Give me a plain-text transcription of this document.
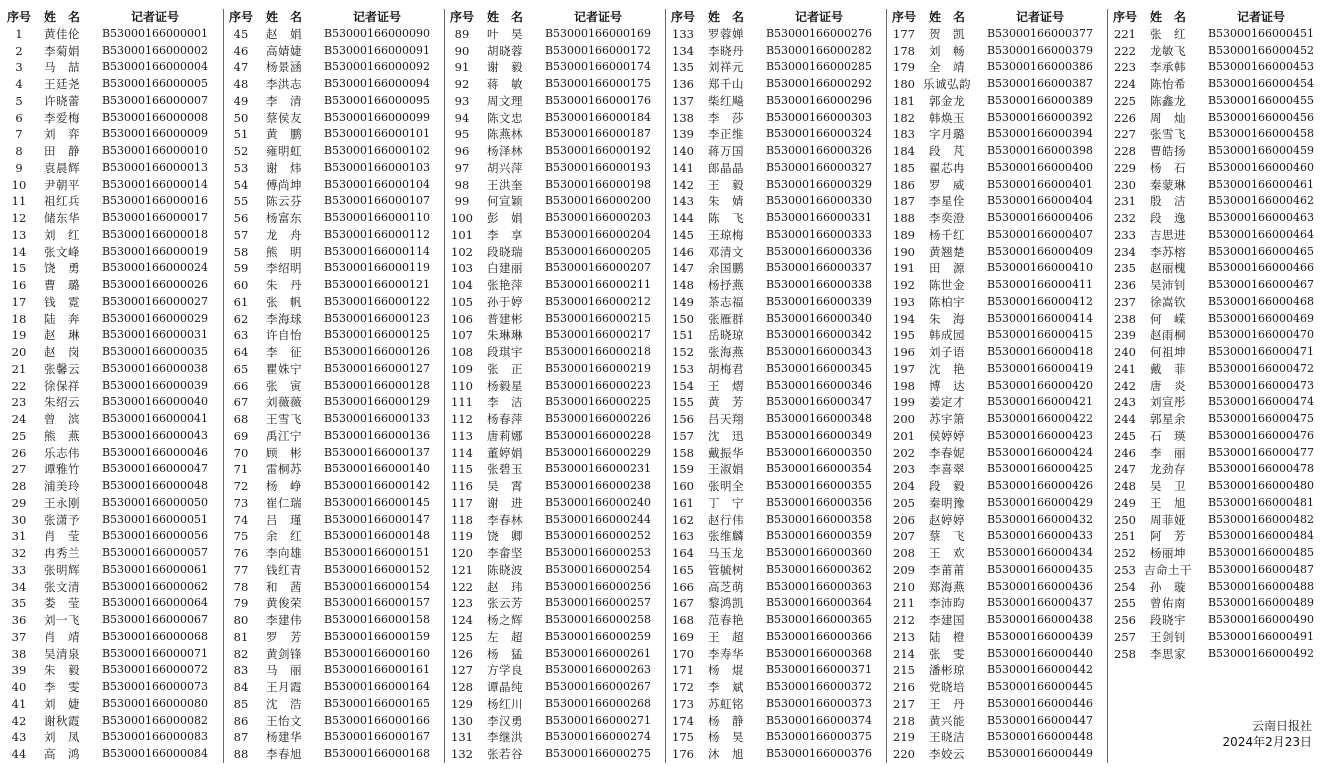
序号	姓　名	记者证号
1	黄佳伦	B53000166000001
2	李菊娟	B53000166000002
3	马　喆	B53000166000004
4	王廷尧	B53000166000005
5	许晓蕾	B53000166000007
6	李爱梅	B53000166000008
7	刘　弈	B53000166000009
8	田　静	B53000166000010
9	袁晨辉	B53000166000013
10	尹朝平	B53000166000014
11	祖红兵	B53000166000016
12	储东华	B53000166000017
13	刘　红	B53000166000018
14	张文峰	B53000166000019
15	饶　勇	B53000166000024
16	曹　璐	B53000166000026
17	钱　霓	B53000166000027
18	陆　奔	B53000166000029
19	赵　琳	B53000166000031
20	赵　岗	B53000166000035
21	张馨云	B53000166000038
22	徐保祥	B53000166000039
23	朱绍云	B53000166000040
24	曾　滨	B53000166000041
25	熊　燕	B53000166000043
26	乐志伟	B53000166000046
27	谭雅竹	B53000166000047
28	浦美玲	B53000166000048
29	王永刚	B53000166000050
30	张潇予	B53000166000051
31	肖　莹	B53000166000056
32	冉秀兰	B53000166000057
33	张明辉	B53000166000061
34	张文清	B53000166000062
35	娄　莹	B53000166000064
36	刘一飞	B53000166000067
37	肖　靖	B53000166000068
38	吴清泉	B53000166000071
39	朱　毅	B53000166000072
40	李　雯	B53000166000073
41	刘　婕	B53000166000080
42	谢秋霞	B53000166000082
43	刘　凤	B53000166000083
44	高　鸿	B53000166000084
序号	姓　名	记者证号
45	赵　娟	B53000166000090
46	高婧婕	B53000166000091
47	杨景涵	B53000166000092
48	李洪志	B53000166000094
49	李　清	B53000166000095
50	蔡侯友	B53000166000099
51	黄　鹏	B53000166000101
52	雍明虹	B53000166000102
53	谢　炜	B53000166000103
54	傅尚坤	B53000166000104
55	陈云芬	B53000166000107
56	杨富东	B53000166000110
57	龙　舟	B53000166000112
58	熊　明	B53000166000114
59	李绍明	B53000166000119
60	朱　丹	B53000166000121
61	张　帆	B53000166000122
62	李海球	B53000166000123
63	许自怡	B53000166000125
64	李　征	B53000166000126
65	瞿姝宁	B53000166000127
66	张　寅	B53000166000128
67	刘薇薇	B53000166000129
68	王雪飞	B53000166000133
69	禹江宁	B53000166000136
70	顾　彬	B53000166000137
71	雷桐苏	B53000166000140
72	杨　峥	B53000166000142
73	崔仁瑞	B53000166000145
74	吕　瑾	B53000166000147
75	余　红	B53000166000148
76	李向雄	B53000166000151
77	钱红青	B53000166000152
78	和　茜	B53000166000154
79	黄俊荣	B53000166000157
80	李建伟	B53000166000158
81	罗　芳	B53000166000159
82	黄剑锋	B53000166000160
83	马　丽	B53000166000161
84	王月霞	B53000166000164
85	沈　浩	B53000166000165
86	王怡文	B53000166000166
87	杨建华	B53000166000167
88	李春旭	B53000166000168
序号	姓　名	记者证号
89	叶　昊	B53000166000169
90	胡晓蓉	B53000166000172
91	谢　毅	B53000166000174
92	蒋　敏	B53000166000175
93	周文理	B53000166000176
94	陈文忠	B53000166000184
95	陈燕林	B53000166000187
96	杨泽林	B53000166000192
97	胡兴萍	B53000166000193
98	王洪奎	B53000166000198
99	何宣颖	B53000166000200
100	彭　娟	B53000166000203
101	李　享	B53000166000204
102	段晓瑞	B53000166000205
103	白建丽	B53000166000207
104	张艳萍	B53000166000211
105	孙于婷	B53000166000212
106	普建彬	B53000166000215
107	朱琳琳	B53000166000217
108	段琪宇	B53000166000218
109	张　正	B53000166000219
110	杨毅星	B53000166000223
111	李　洁	B53000166000225
112	杨春萍	B53000166000226
113	唐莉娜	B53000166000228
114	董婷娟	B53000166000229
115	张碧玉	B53000166000231
116	吴　霄	B53000166000238
117	谢　进	B53000166000240
118	李春林	B53000166000244
119	饶　卿	B53000166000252
120	李畲坚	B53000166000253
121	陈晓波	B53000166000254
122	赵　玮	B53000166000256
123	张云芳	B53000166000257
124	杨之辉	B53000166000258
125	左　超	B53000166000259
126	杨　猛	B53000166000261
127	方学良	B53000166000263
128	谭晶纯	B53000166000267
129	杨红川	B53000166000268
130	李汉勇	B53000166000271
131	李继洪	B53000166000274
132	张若谷	B53000166000275
序号	姓　名	记者证号
133	罗蓉婵	B53000166000276
134	李晓丹	B53000166000282
135	刘祥元	B53000166000285
136	郑千山	B53000166000292
137	柴红飚	B53000166000296
138	李　莎	B53000166000303
139	李正维	B53000166000324
140	蒋万国	B53000166000326
141	郎晶晶	B53000166000327
142	王　毅	B53000166000329
143	朱　婧	B53000166000330
144	陈　飞	B53000166000331
145	王琼梅	B53000166000333
146	邓清文	B53000166000336
147	余国鹏	B53000166000337
148	杨抒燕	B53000166000338
149	茶志福	B53000166000339
150	张雁群	B53000166000340
151	岳晓琼	B53000166000342
152	张海燕	B53000166000343
153	胡梅君	B53000166000345
154	王　熠	B53000166000346
155	黄　芳	B53000166000347
156	吕天翔	B53000166000348
157	沈　迅	B53000166000349
158	戴振华	B53000166000350
159	王淑娟	B53000166000354
160	张明全	B53000166000355
161	丁　宁	B53000166000356
162	赵行伟	B53000166000358
163	张维麟	B53000166000359
164	马玉龙	B53000166000360
165	管毓树	B53000166000362
166	高芝萌	B53000166000363
167	黎鸿凯	B53000166000364
168	范春艳	B53000166000365
169	王　超	B53000166000366
170	李寿华	B53000166000368
171	杨　焜	B53000166000371
172	李　斌	B53000166000372
173	苏虹铭	B53000166000373
174	杨　静	B53000166000374
175	杨　昊	B53000166000375
176	沐　旭	B53000166000376
序号	姓　名	记者证号
177	贺　凯	B53000166000377
178	刘　畅	B53000166000379
179	全　靖	B53000166000386
180 乐诚弘韵	B53000166000387
181	郭金龙	B53000166000389
182	韩焕玉	B53000166000392
183	字月璐	B53000166000394
184	段　芃	B53000166000398
185	翟芯冉	B53000166000400
186	罗　威	B53000166000401
187	李星佺	B53000166000404
188	李奕澄	B53000166000406
189	杨千红	B53000166000407
190	黄翘楚	B53000166000409
191	田　源	B53000166000410
192	陈世金	B53000166000411
193	陈柏宇	B53000166000412
194	朱　海	B53000166000414
195	韩成园	B53000166000415
196	刘子语	B53000166000418
197	沈　艳	B53000166000419
198	博　达	B53000166000420
199	姜定才	B53000166000421
200	苏宇箫	B53000166000422
201	侯婷婷	B53000166000423
202	李春妮	B53000166000424
203	李喜翠	B53000166000425
204	段　毅	B53000166000426
205	秦明豫	B53000166000429
206	赵婷婷	B53000166000432
207	蔡　飞	B53000166000433
208	王　欢	B53000166000434
209	李莆莆	B53000166000435
210	郑海燕	B53000166000436
211	李沛昀	B53000166000437
212	李建国	B53000166000438
213	陆　橙	B53000166000439
214	张　雯	B53000166000440
215	潘彬琼	B53000166000442
216	党晓培	B53000166000445
217	王　丹	B53000166000446
218	黄兴能	B53000166000447
219	王晓洁	B53000166000448
220	李姣云	B53000166000449
序号	姓　名	记者证号
221	张　红	B53000166000451
222	龙敏飞	B53000166000452
223	李承韩	B53000166000453
224	陈怡希	B53000166000454
225	陈鑫龙	B53000166000455
226	周　灿	B53000166000456
227	张雪飞	B53000166000458
228	曹皓扬	B53000166000459
229	杨　石	B53000166000460
230	秦蒙琳	B53000166000461
231	殷　洁	B53000166000462
232	段　逸	B53000166000463
233	吉思进	B53000166000464
234	李苏榕	B53000166000465
235	赵丽槐	B53000166000466
236	吴沛钊	B53000166000467
237	徐嵩钦	B53000166000468
238	何　嵘	B53000166000469
239	赵雨桐	B53000166000470
240	何祖坤	B53000166000471
241	戴　菲	B53000166000472
242	唐　炎	B53000166000473
243	刘宣彤	B53000166000474
244	郭星余	B53000166000475
245	石　瑛	B53000166000476
246	李　丽	B53000166000477
247	龙劲存	B53000166000478
248	吴　卫	B53000166000480
249	王　旭	B53000166000481
250	周菲娅	B53000166000482
251	阿　芳	B53000166000484
252	杨丽坤	B53000166000485
253 吉命土干	B53000166000487
254	孙　璇	B53000166000488
255	曾佑南	B53000166000489
256	段晓宇	B53000166000490
257	王剑钊	B53000166000491
258	李思家	B53000166000492
云南日报社
2024年2月23日
